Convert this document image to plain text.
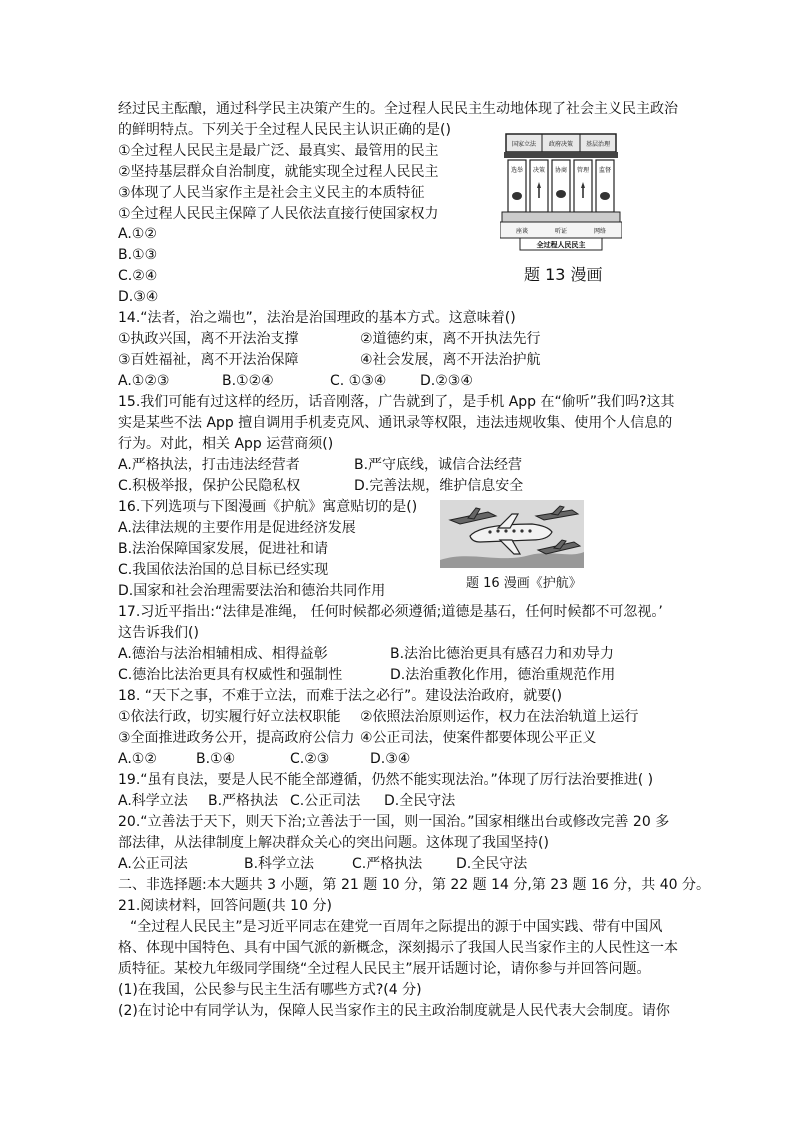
经过民主酝酿，通过科学民主决策产生的。全过程人民民主生动地体现了社会主义民主政治
的鲜明特点。下列关于全过程人民民主认识正确的是()
①全过程人民民主是最广泛、最真实、最管用的民主
②坚持基层群众自治制度，就能实现全过程人民民主
③体现了人民当家作主是社会主义民主的本质特征
①全过程人民民主保障了人民依法直接行使国家权力
A.①②
B.①③
C.②④
D.③④
国家立法 政府决策 基层治理
选举 决策 协商 管理 监督
座谈	听证	网络
全过程人民民主
题 13 漫画
14.“法者，治之端也”，法治是治国理政的基本方式。这意味着()
①执政兴国，离不开法治支撑	②道德约束，离不开执法先行
③百姓福祉，离不开法治保障	④社会发展，离不开法治护航
A.①②③	B.①②④	C. ①③④ D.②③④
15.我们可能有过这样的经历，话音刚落，广告就到了，是手机 App 在“偷听”我们吗?这其
实是某些不法 App 擅自调用手机麦克风、通讯录等权限，违法违规收集、使用个人信息的
行为。对此，相关 App 运营商须()
A.严格执法，打击违法经营者	B.严守底线，诚信合法经营
C.积极举报，保护公民隐私权	D.完善法规，维护信息安全
16.下列选项与下图漫画《护航》寓意贴切的是()
A.法律法规的主要作用是促进经济发展
B.法治保障国家发展，促进社和请
C.我国依法治国的总目标已经实现
D.国家和社会治理需要法治和德治共同作用	题 16 漫画《护航》
17.习近平指出:“法律是准绳， 任何时候都必须遵循;道德是基石，任何时候都不可忽视。’
这告诉我们()
A.德治与法治相辅相成、相得益彰	B.法治比德治更具有感召力和劝导力
C.德治比法治更具有权威性和强制性	D.法治重教化作用，德治重规范作用
18. “天下之事，不难于立法，而难于法之必行”。建设法治政府，就要()
①依法行政，切实履行好立法权职能 ②依照法治原则运作，权力在法治轨道上运行
③全面推进政务公开，提高政府公信力 ④公正司法，使案件都要体现公平正义
A.①②	B.①④	C.②③	D.③④
19.“虽有良法，要是人民不能全部遵循，仍然不能实现法治。”体现了厉行法治要推进( )
A.科学立法 B.严格执法 C.公正司法 D.全民守法
20.“立善法于天下，则天下治;立善法于一国，则一国治。”国家相继出台或修改完善 20 多
部法律，从法律制度上解决群众关心的突出问题。这体现了我国坚持()
A.公正司法	B.科学立法	C.严格执法 D.全民守法
二、非选择题:本大题共 3 小题，第 21 题 10 分，第 22 题 14 分,第 23 题 16 分，共 40 分。
21.阅读材料，回答问题(共 10 分)
“全过程人民民主”是习近平同志在建党一百周年之际提出的源于中国实践、带有中国风
格、体现中国特色、具有中国气派的新概念，深刻揭示了我国人民当家作主的人民性这一本
质特征。某校九年级同学围绕“全过程人民民主”展开话题讨论，请你参与并回答问题。
(1)在我国，公民参与民主生活有哪些方式?(4 分)
(2)在讨论中有同学认为，保障人民当家作主的民主政治制度就是人民代表大会制度。请你
